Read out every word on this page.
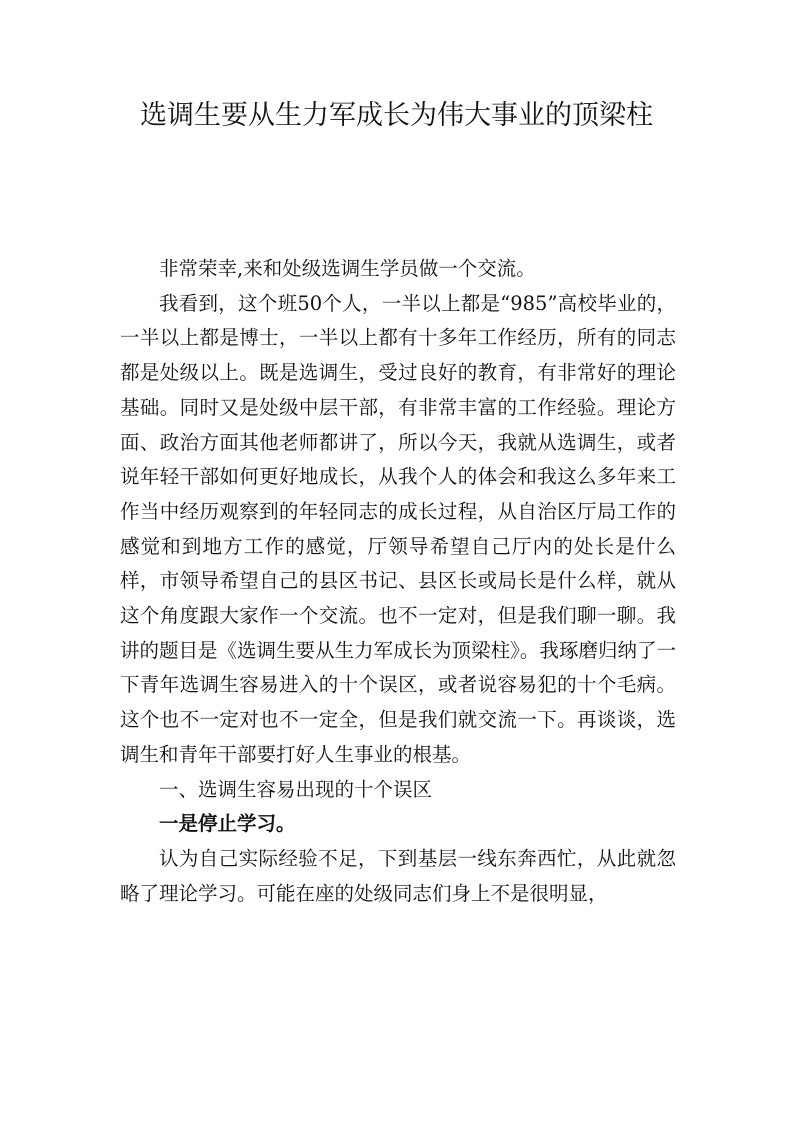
选调生要从生力军成长为伟大事业的顶梁柱

非常荣幸,来和处级选调生学员做一个交流。

我看到，这个班50个人，一半以上都是“985”高校毕业的，一半以上都是博士，一半以上都有十多年工作经历，所有的同志都是处级以上。既是选调生，受过良好的教育，有非常好的理论基础。同时又是处级中层干部，有非常丰富的工作经验。理论方面、政治方面其他老师都讲了，所以今天，我就从选调生，或者说年轻干部如何更好地成长，从我个人的体会和我这么多年来工作当中经历观察到的年轻同志的成长过程，从自治区厅局工作的感觉和到地方工作的感觉，厅领导希望自己厅内的处长是什么样，市领导希望自己的县区书记、县区长或局长是什么样，就从这个角度跟大家作一个交流。也不一定对，但是我们聊一聊。我讲的题目是《选调生要从生力军成长为顶梁柱》。我琢磨归纳了一下青年选调生容易进入的十个误区，或者说容易犯的十个毛病。这个也不一定对也不一定全，但是我们就交流一下。再谈谈，选调生和青年干部要打好人生事业的根基。

一、选调生容易出现的十个误区

一是停止学习。

认为自己实际经验不足，下到基层一线东奔西忙，从此就忽略了理论学习。可能在座的处级同志们身上不是很明显，
